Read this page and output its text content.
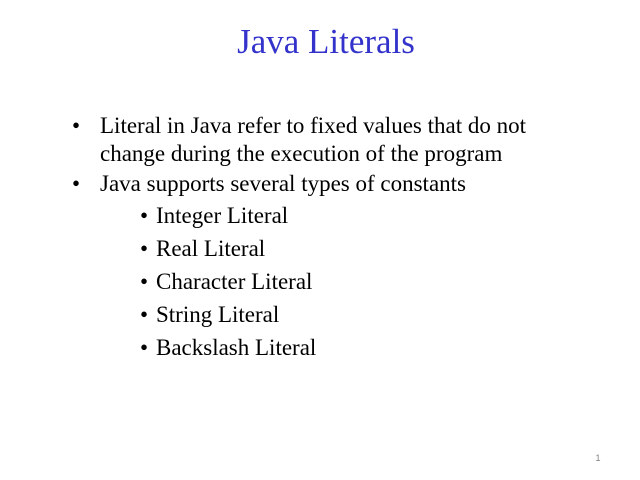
Java Literals
• Literal in Java refer to fixed values that do not
change during the execution of the program
• Java supports several types of constants
• Integer Literal
• Real Literal
• Character Literal
• String Literal
• Backslash Literal
1
